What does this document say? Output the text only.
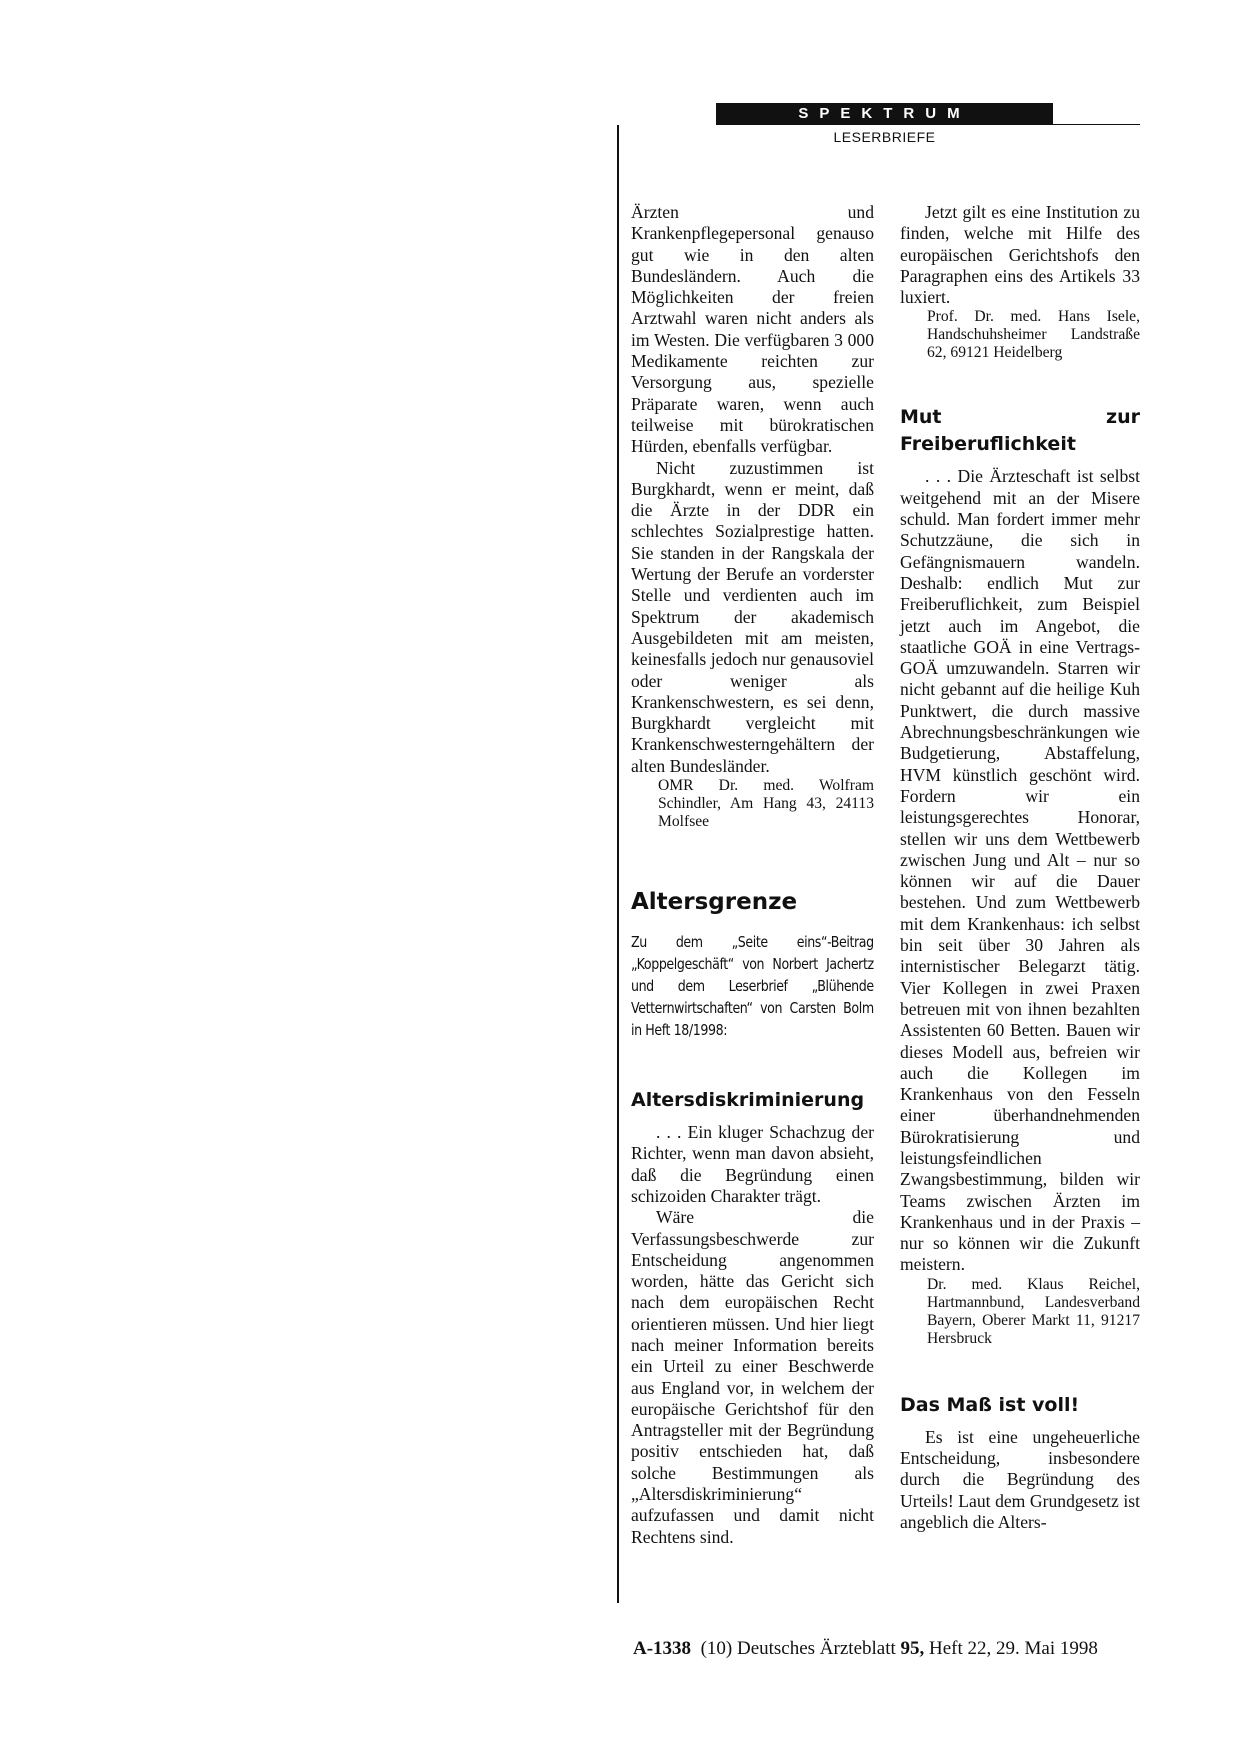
SPEKTRUM
LESERBRIEFE

Ärzten und Krankenpflegepersonal genauso gut wie in den alten Bundesländern. Auch die Möglichkeiten der freien Arztwahl waren nicht anders als im Westen. Die verfügbaren 3 000 Medikamente reichten zur Versorgung aus, spezielle Präparate waren, wenn auch teilweise mit bürokratischen Hürden, ebenfalls verfügbar.

Nicht zuzustimmen ist Burgkhardt, wenn er meint, daß die Ärzte in der DDR ein schlechtes Sozialprestige hatten. Sie standen in der Rangskala der Wertung der Berufe an vorderster Stelle und verdienten auch im Spektrum der akademisch Ausgebildeten mit am meisten, keinesfalls jedoch nur genausoviel oder weniger als Krankenschwestern, es sei denn, Burgkhardt vergleicht mit Krankenschwesterngehältern der alten Bundesländer.

OMR Dr. med. Wolfram Schindler, Am Hang 43, 24113 Molfsee

Altersgrenze
Zu dem „Seite eins“-Beitrag „Koppelgeschäft“ von Norbert Jachertz und dem Leserbrief „Blühende Vetternwirtschaften“ von Carsten Bolm in Heft 18/1998:
Altersdiskriminierung

. . . Ein kluger Schachzug der Richter, wenn man davon absieht, daß die Begründung einen schizoiden Charakter trägt.

Wäre die Verfassungsbeschwerde zur Entscheidung angenommen worden, hätte das Gericht sich nach dem europäischen Recht orientieren müssen. Und hier liegt nach meiner Information bereits ein Urteil zu einer Beschwerde aus England vor, in welchem der europäische Gerichtshof für den Antragsteller mit der Begründung positiv entschieden hat, daß solche Bestimmungen als „Altersdiskriminierung“ aufzufassen und damit nicht Rechtens sind.

Jetzt gilt es eine Institution zu finden, welche mit Hilfe des europäischen Gerichtshofs den Paragraphen eins des Artikels 33 luxiert.

Prof. Dr. med. Hans Isele, Handschuhsheimer Landstraße 62, 69121 Heidelberg

Mut zur Freiberuflichkeit

. . . Die Ärzteschaft ist selbst weitgehend mit an der Misere schuld. Man fordert immer mehr Schutzzäune, die sich in Gefängnismauern wandeln. Deshalb: endlich Mut zur Freiberuflichkeit, zum Beispiel jetzt auch im Angebot, die staatliche GOÄ in eine Vertrags-GOÄ umzuwandeln. Starren wir nicht gebannt auf die heilige Kuh Punktwert, die durch massive Abrechnungsbeschränkungen wie Budgetierung, Abstaffelung, HVM künstlich geschönt wird. Fordern wir ein leistungsgerechtes Honorar, stellen wir uns dem Wettbewerb zwischen Jung und Alt – nur so können wir auf die Dauer bestehen. Und zum Wettbewerb mit dem Krankenhaus: ich selbst bin seit über 30 Jahren als internistischer Belegarzt tätig. Vier Kollegen in zwei Praxen betreuen mit von ihnen bezahlten Assistenten 60 Betten. Bauen wir dieses Modell aus, befreien wir auch die Kollegen im Krankenhaus von den Fesseln einer überhandnehmenden Bürokratisierung und leistungsfeindlichen Zwangsbestimmung, bilden wir Teams zwischen Ärzten im Krankenhaus und in der Praxis – nur so können wir die Zukunft meistern.

Dr. med. Klaus Reichel, Hartmannbund, Landesverband Bayern, Oberer Markt 11, 91217 Hersbruck

Das Maß ist voll!

Es ist eine ungeheuerliche Entscheidung, insbesondere durch die Begründung des Urteils! Laut dem Grundgesetz ist angeblich die Alters-

A-1338 (10) Deutsches Ärzteblatt 95, Heft 22, 29. Mai 1998
